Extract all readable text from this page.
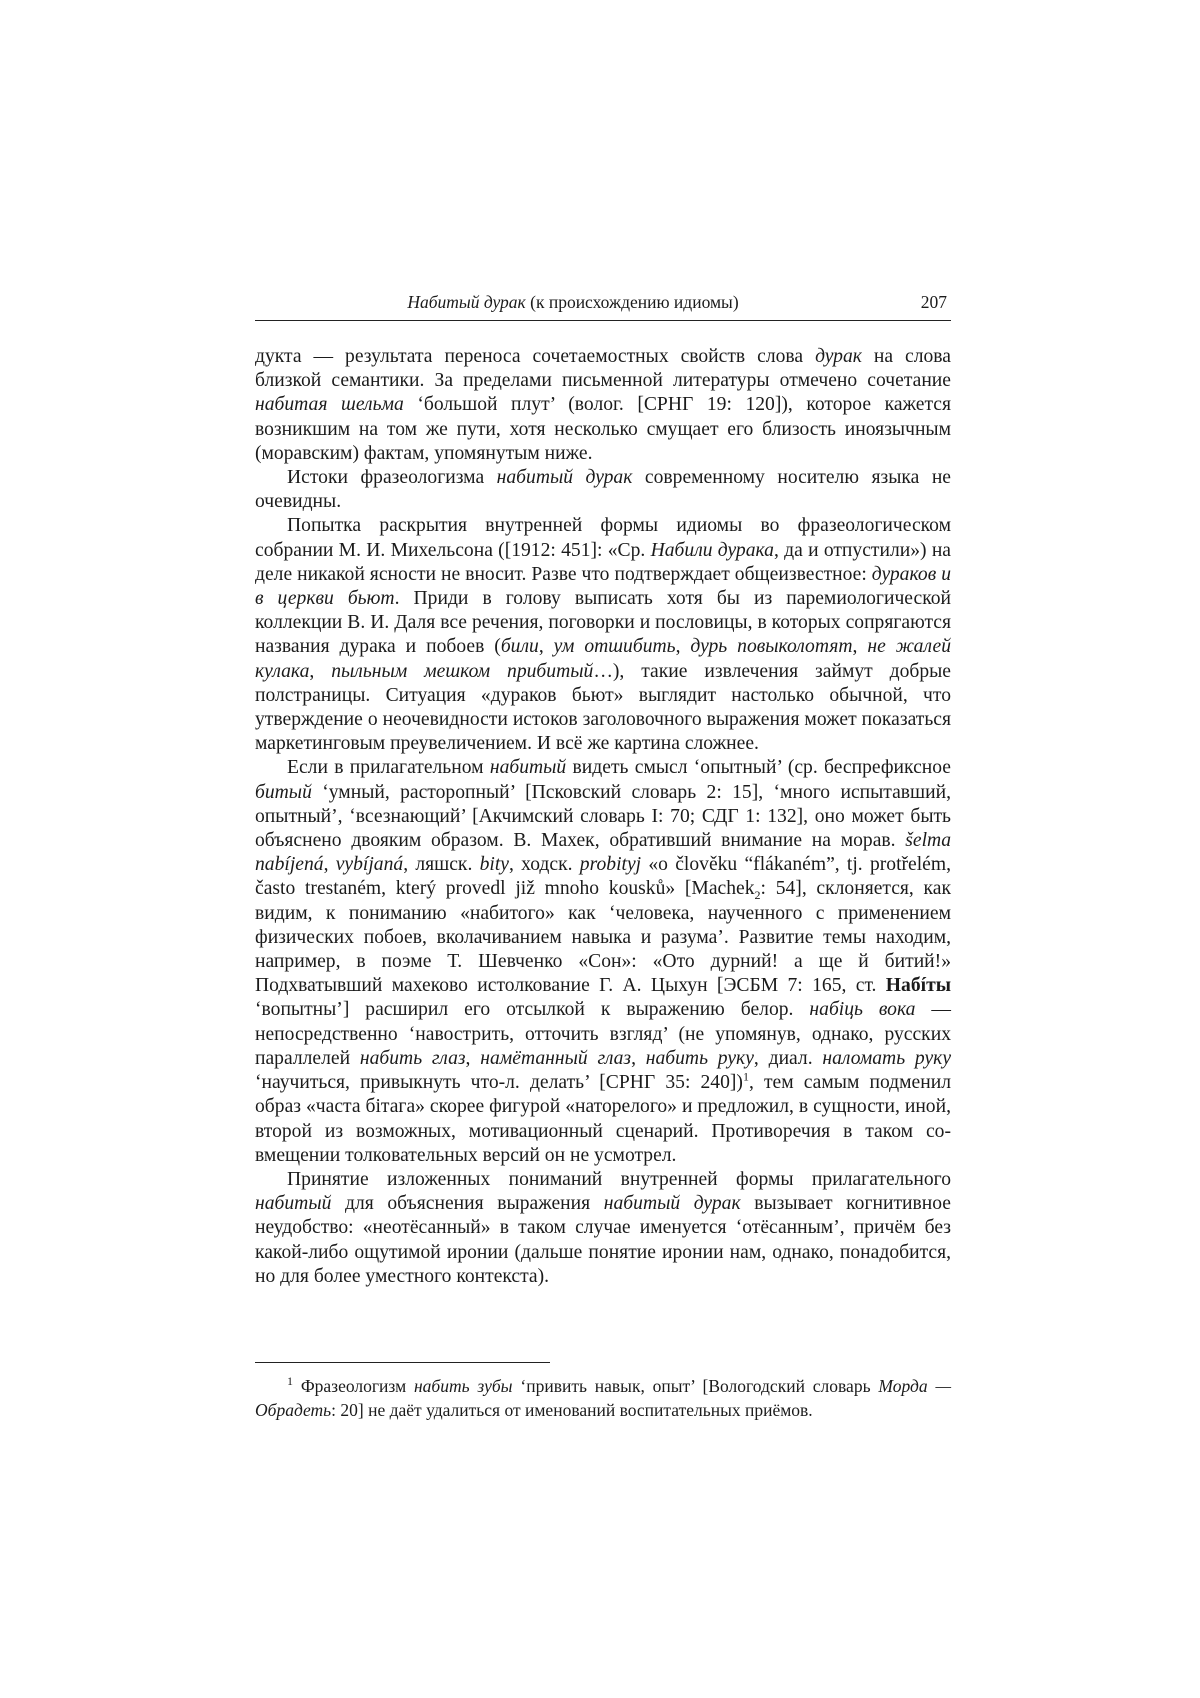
Набитый дурак (к происхождению идиомы)	207

дукта — результата переноса сочетаемостных свойств слова дурак на слова близкой семантики. За пределами письменной литературы отмечено сочетание набитая шельма ‘большой плут’ (волог. [СРНГ 19: 120]), которое кажется возникшим на том же пути, хотя несколько смущает его близость иноязычным (моравским) фактам, упомянутым ниже.

Истоки фразеологизма набитый дурак современному носителю языка не очевидны.

Попытка раскрытия внутренней формы идиомы во фразеологическом собрании М. И. Михельсона ([1912: 451]: «Ср. Набили дурака, да и отпустили») на деле никакой ясности не вносит. Разве что подтверждает общеизвестное: дураков и в церкви бьют. Приди в голову выписать хотя бы из паремиологической коллекции В. И. Даля все речения, поговорки и пословицы, в которых сопрягаются названия дурака и побоев (били, ум отшибить, дурь повыколотят, не жалей кулака, пыльным мешком прибитый…), такие извлечения займут добрые полстраницы. Ситуация «дураков бьют» выглядит настолько обычной, что утверждение о неочевидности истоков заголовочного выражения может показаться маркетинговым преувеличением. И всё же картина сложнее.

Если в прилагательном набитый видеть смысл ‘опытный’ (ср. беспрефиксное битый ‘умный, расторопный’ [Псковский словарь 2: 15], ‘много испытавший, опытный’, ‘всезнающий’ [Акчимский словарь I: 70; СДГ 1: 132], оно может быть объяснено двояким образом. В. Махек, обративший внимание на морав. šelma nabíjená, vybíjaná, ляшск. bity, ходск. probityj «o člověku “flákaném”, tj. protřelém, často trestaném, který provedl již mnoho kousků» [Machek$_2$: 54], склоняется, как видим, к пониманию «набитого» как ‘человека, наученного с применением физических побоев, вколачиванием навыка и разума’. Развитие темы находим, например, в поэме Т. Шевченко «Сон»: «Ото дурний! а ще й битий!» Подхватывший махеково истолкование Г. А. Цыхун [ЭСБМ 7: 165, ст. Набíты ‘вопытны’] расширил его отсылкой к выражению белор. набіць вока — непосредственно ‘навострить, отточить взгляд’ (не упомянув, однако, русских параллелей набить глаз, намётанный глаз, набить руку, диал. наломать руку ‘научиться, привыкнуть что-л. делать’ [СРНГ 35: 240])$^1$, тем самым подменил образ «часта бітага» скорее фигурой «наторелого» и предложил, в сущности, иной, второй из возможных, мотивационный сценарий. Противоречия в таком совмещении толковательных версий он не усмотрел.

Принятие изложенных пониманий внутренней формы прилагательного набитый для объяснения выражения набитый дурак вызывает когнитивное неудобство: «неотёсанный» в таком случае именуется ‘отёсанным’, причём без какой-либо ощутимой иронии (дальше понятие иронии нам, однако, понадобится, но для более уместного контекста).

$^1$ Фразеологизм набить зубы ‘привить навык, опыт’ [Вологодский словарь Морда — Обрадеть: 20] не даёт удалиться от именований воспитательных приёмов.
